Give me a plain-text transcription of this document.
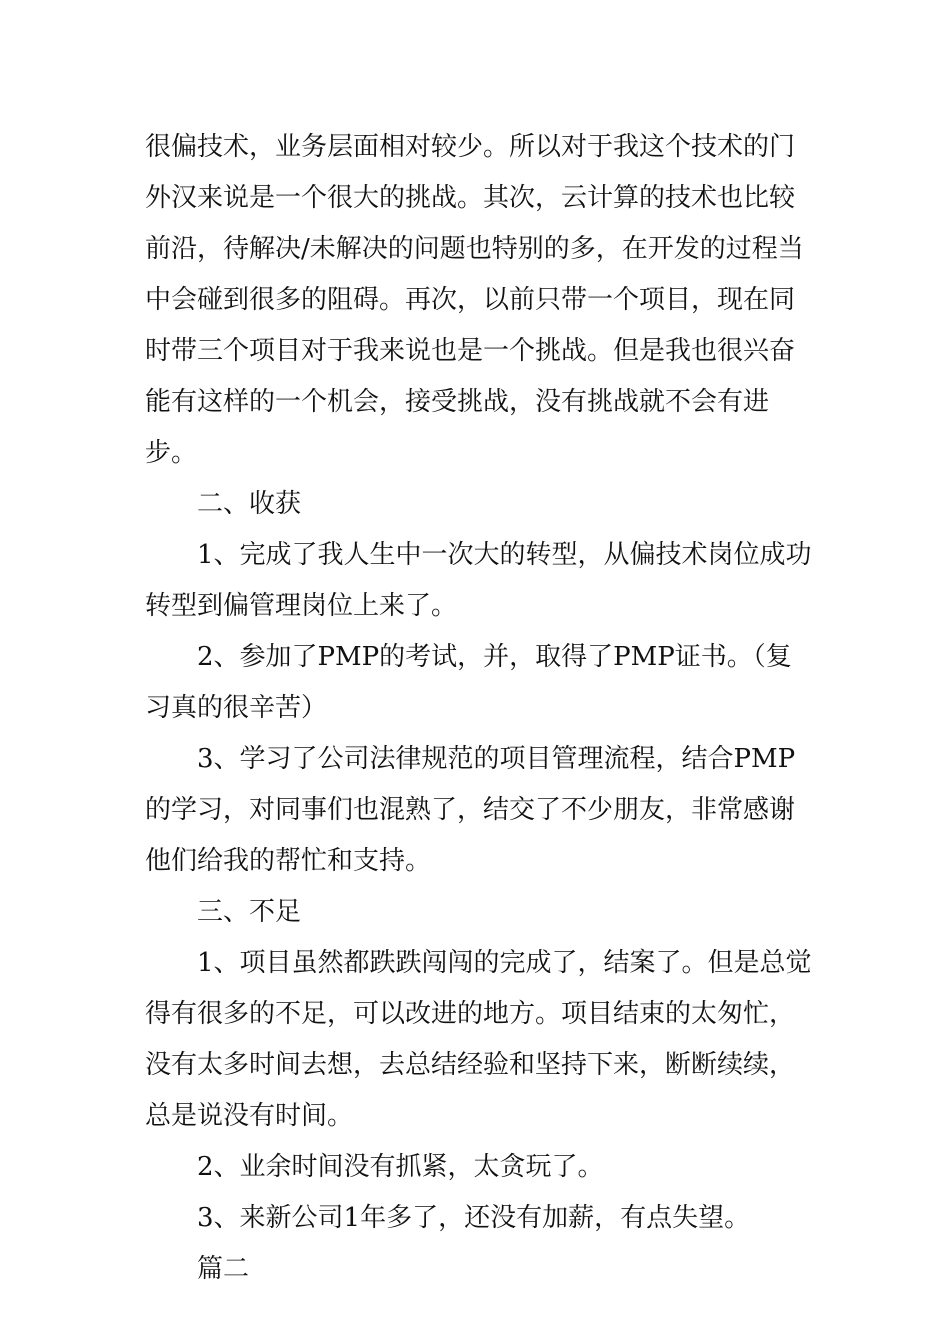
很偏技术，业务层面相对较少。所以对于我这个技术的门外汉来说是一个很大的挑战。其次，云计算的技术也比较前沿，待解决/未解决的问题也特别的多，在开发的过程当中会碰到很多的阻碍。再次，以前只带一个项目，现在同时带三个项目对于我来说也是一个挑战。但是我也很兴奋能有这样的一个机会，接受挑战，没有挑战就不会有进步。

二、收获

1、完成了我人生中一次大的转型，从偏技术岗位成功转型到偏管理岗位上来了。

2、参加了PMP的考试，并，取得了PMP证书。（复习真的很辛苦）

3、学习了公司法律规范的项目管理流程，结合PMP的学习，对同事们也混熟了，结交了不少朋友，非常感谢他们给我的帮忙和支持。

三、不足

1、项目虽然都跌跌闯闯的完成了，结案了。但是总觉得有很多的不足，可以改进的地方。项目结束的太匆忙，没有太多时间去想，去总结经验和坚持下来，断断续续，总是说没有时间。

2、业余时间没有抓紧，太贪玩了。

3、来新公司1年多了，还没有加薪，有点失望。

篇二
